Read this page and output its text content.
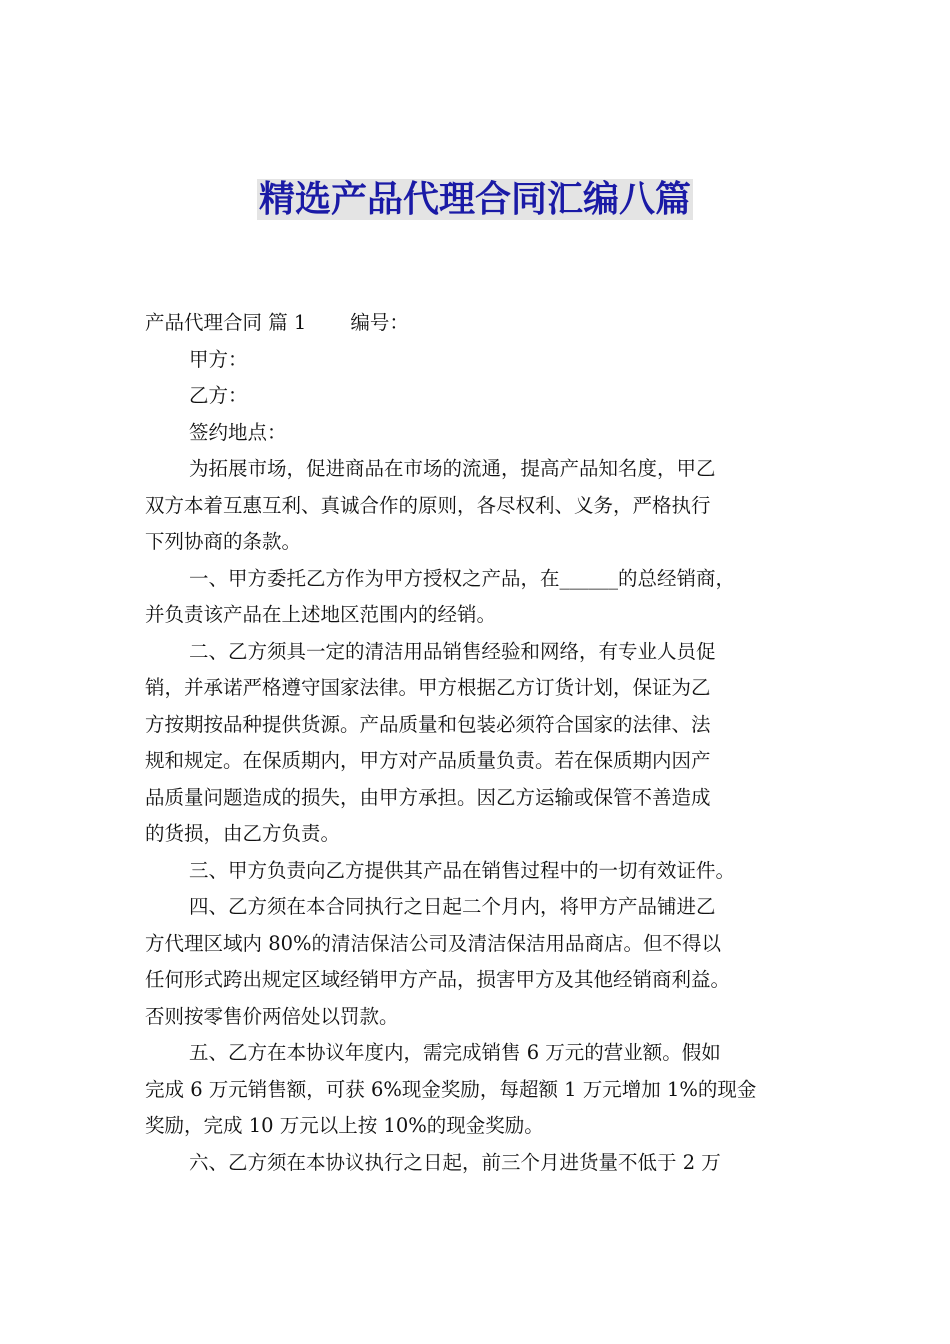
精选产品代理合同汇编八篇
产品代理合同 篇 1 编号：
甲方：
乙方：
签约地点：
为拓展市场，促进商品在市场的流通，提高产品知名度，甲乙
双方本着互惠互利、真诚合作的原则，各尽权利、义务，严格执行
下列协商的条款。
一、甲方委托乙方作为甲方授权之产品，在______的总经销商，
并负责该产品在上述地区范围内的经销。
二、乙方须具一定的清洁用品销售经验和网络，有专业人员促
销，并承诺严格遵守国家法律。甲方根据乙方订货计划，保证为乙
方按期按品种提供货源。产品质量和包装必须符合国家的法律、法
规和规定。在保质期内，甲方对产品质量负责。若在保质期内因产
品质量问题造成的损失，由甲方承担。因乙方运输或保管不善造成
的货损，由乙方负责。
三、甲方负责向乙方提供其产品在销售过程中的一切有效证件。
四、乙方须在本合同执行之日起二个月内，将甲方产品铺进乙
方代理区域内 80%的清洁保洁公司及清洁保洁用品商店。但不得以
任何形式跨出规定区域经销甲方产品，损害甲方及其他经销商利益。
否则按零售价两倍处以罚款。
五、乙方在本协议年度内，需完成销售 6 万元的营业额。假如
完成 6 万元销售额，可获 6%现金奖励，每超额 1 万元增加 1%的现金
奖励，完成 10 万元以上按 10%的现金奖励。
六、乙方须在本协议执行之日起，前三个月进货量不低于 2 万
